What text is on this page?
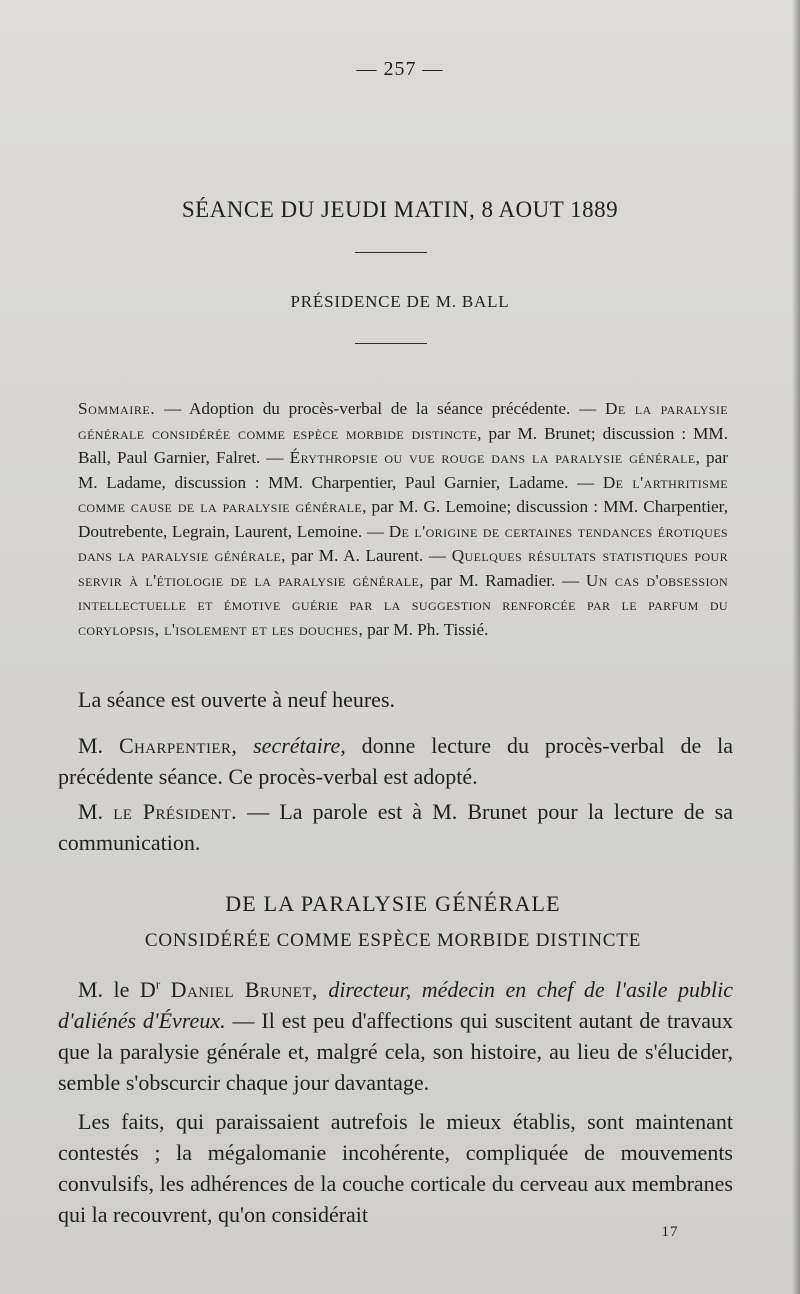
— 257 —
SÉANCE DU JEUDI MATIN, 8 AOUT 1889
PRÉSIDENCE DE M. BALL
Sommaire. — Adoption du procès-verbal de la séance précédente. — De la paralysie générale considérée comme espèce morbide distincte, par M. Brunet; discussion : MM. Ball, Paul Garnier, Falret. — Érythropsie ou vue rouge dans la paralysie générale, par M. Ladame, discussion : MM. Charpentier, Paul Garnier, Ladame. — De l'arthritisme comme cause de la paralysie générale, par M. G. Lemoine; discussion : MM. Charpentier, Doutrebente, Legrain, Laurent, Lemoine. — De l'origine de certaines tendances érotiques dans la paralysie générale, par M. A. Laurent. — Quelques résultats statistiques pour servir à l'étiologie de la paralysie générale, par M. Ramadier. — Un cas d'obsession intellectuelle et émotive guérie par la suggestion renforcée par le parfum du corylopsis, l'isolement et les douches, par M. Ph. Tissié.
La séance est ouverte à neuf heures.
M. Charpentier, secrétaire, donne lecture du procès-verbal de la précédente séance. Ce procès-verbal est adopté.
M. le Président. — La parole est à M. Brunet pour la lecture de sa communication.
DE LA PARALYSIE GÉNÉRALE
CONSIDÉRÉE COMME ESPÈCE MORBIDE DISTINCTE
M. le $D^r$ Daniel Brunet, directeur, médecin en chef de l'asile public d'aliénés d'Évreux. — Il est peu d'affections qui suscitent autant de travaux que la paralysie générale et, malgré cela, son histoire, au lieu de s'élucider, semble s'obscurcir chaque jour davantage.
Les faits, qui paraissaient autrefois le mieux établis, sont maintenant contestés ; la mégalomanie incohérente, compliquée de mouvements convulsifs, les adhérences de la couche corticale du cerveau aux membranes qui la recouvrent, qu'on considérait
17
